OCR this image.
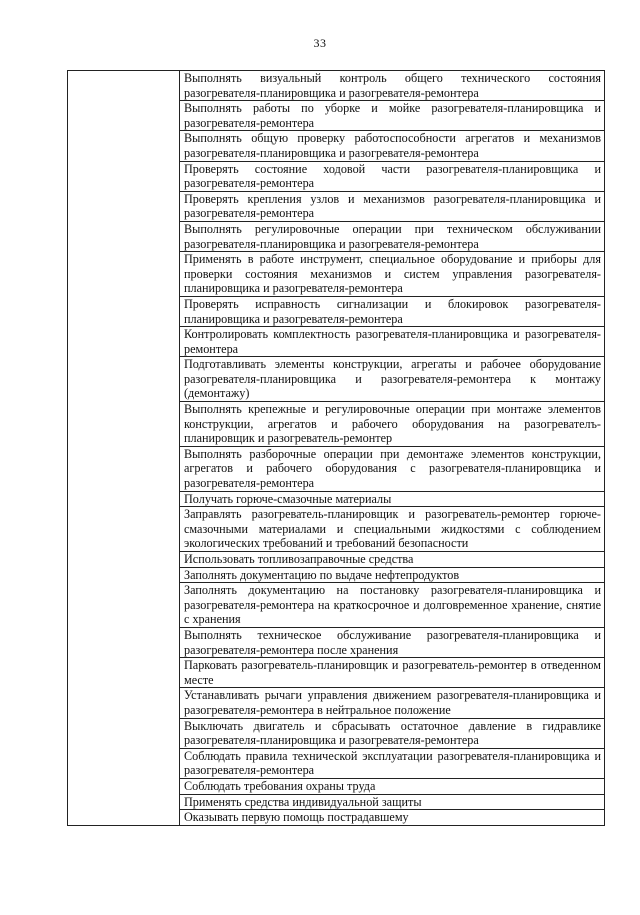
33
	Выполнять визуальный контроль общего технического состояния разогревателя-планировщика и разогревателя-ремонтера
Выполнять работы по уборке и мойке разогревателя-планировщика и разогревателя-ремонтера
Выполнять общую проверку работоспособности агрегатов и механизмов разогревателя-планировщика и разогревателя-ремонтера
Проверять состояние ходовой части разогревателя-планировщика и разогревателя-ремонтера
Проверять крепления узлов и механизмов разогревателя-планировщика и разогревателя-ремонтера
Выполнять регулировочные операции при техническом обслуживании разогревателя-планировщика и разогревателя-ремонтера
Применять в работе инструмент, специальное оборудование и приборы для проверки состояния механизмов и систем управления разогревателя-планировщика и разогревателя-ремонтера
Проверять исправность сигнализации и блокировок разогревателя-планировщика и разогревателя-ремонтера
Контролировать комплектность разогревателя-планировщика и разогревателя-ремонтера
Подготавливать элементы конструкции, агрегаты и рабочее оборудование разогревателя-планировщика и разогревателя-ремонтера к монтажу (демонтажу)
Выполнять крепежные и регулировочные операции при монтаже элементов конструкции, агрегатов и рабочего оборудования на разогревателъ-планировщик и разогреватель-ремонтер
Выполнять разборочные операции при демонтаже элементов конструкции, агрегатов и рабочего оборудования с разогревателя-планировщика и разогревателя-ремонтера
Получать горюче-смазочные материалы
Заправлять разогреватель-планировщик и разогреватель-ремонтер горюче-смазочными материалами и специальными жидкостями с соблюдением экологических требований и требований безопасности
Использовать топливозаправочные средства
Заполнять документацию по выдаче нефтепродуктов
Заполнять документацию на постановку разогревателя-планировщика и разогревателя-ремонтера на краткосрочное и долговременное хранение, снятие с хранения
Выполнять техническое обслуживание разогревателя-планировщика и разогревателя-ремонтера после хранения
Парковать разогреватель-планировщик и разогреватель-ремонтер в отведенном месте
Устанавливать рычаги управления движением разогревателя-планировщика и разогревателя-ремонтера в нейтральное положение
Выключать двигатель и сбрасывать остаточное давление в гидравлике разогревателя-планировщика и разогревателя-ремонтера
Соблюдать правила технической эксплуатации разогревателя-планировщика и разогревателя-ремонтера
Соблюдать требования охраны труда
Применять средства индивидуальной защиты
Оказывать первую помощь пострадавшему
